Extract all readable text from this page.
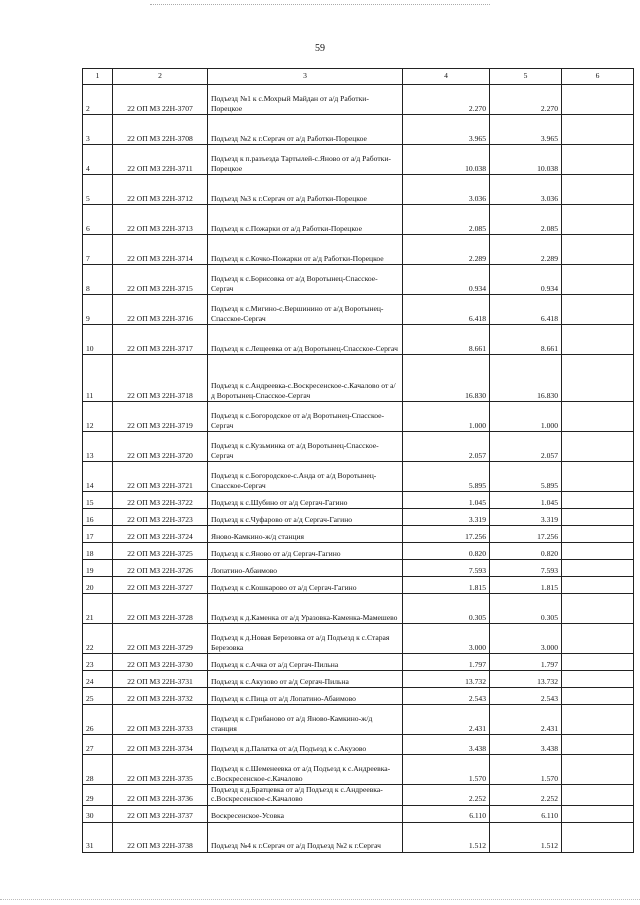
59
1	2	3	4	5	6
2	22 ОП МЗ 22Н-3707	Подъезд №1 к с.Мохрый Майдан от а/д Работки-Порецкое	2.270	2.270	
3	22 ОП МЗ 22Н-3708	Подъезд №2 к г.Сергач от а/д Работки-Порецкое	3.965	3.965	
4	22 ОП МЗ 22Н-3711	Подъезд к п.разъезда Тартылей-с.Яново от а/д Работки-Порецкое	10.038	10.038	
5	22 ОП МЗ 22Н-3712	Подъезд №3 к г.Сергач от а/д Работки-Порецкое	3.036	3.036	
6	22 ОП МЗ 22Н-3713	Подъезд к с.Пожарки от а/д Работки-Порецкое	2.085	2.085	
7	22 ОП МЗ 22Н-3714	Подъезд к с.Кочко-Пожарки от а/д Работки-Порецкое	2.289	2.289	
8	22 ОП МЗ 22Н-3715	Подъезд к с.Борисовка от а/д Воротынец-Спасское-Сергач	0.934	0.934	
9	22 ОП МЗ 22Н-3716	Подъезд к с.Мигино-с.Вершинино от а/д Воротынец-Спасское-Сергач	6.418	6.418	
10	22 ОП МЗ 22Н-3717	Подъезд к с.Лещеевка от а/д Воротынец-Спасское-Сергач	8.661	8.661	
11	22 ОП МЗ 22Н-3718	Подъезд к с.Андреевка-с.Воскресенское-с.Качалово от а/д Воротынец-Спасское-Сергач	16.830	16.830	
12	22 ОП МЗ 22Н-3719	Подъезд к с.Богородское от а/д Воротынец-Спасское-Сергач	1.000	1.000	
13	22 ОП МЗ 22Н-3720	Подъезд к с.Кузьминка от а/д Воротынец-Спасское-Сергач	2.057	2.057	
14	22 ОП МЗ 22Н-3721	Подъезд к с.Богородское-с.Анда от а/д Воротынец-Спасское-Сергач	5.895	5.895	
15	22 ОП МЗ 22Н-3722	Подъезд к с.Шубино от а/д Сергач-Гагино	1.045	1.045	
16	22 ОП МЗ 22Н-3723	Подъезд к с.Чуфарово от а/д Сергач-Гагино	3.319	3.319	
17	22 ОП МЗ 22Н-3724	Яново-Камкино-ж/д станция	17.256	17.256	
18	22 ОП МЗ 22Н-3725	Подъезд к с.Яново от а/д Сергач-Гагино	0.820	0.820	
19	22 ОП МЗ 22Н-3726	Лопатино-Абаимово	7.593	7.593	
20	22 ОП МЗ 22Н-3727	Подъезд к с.Кошкарово от а/д Сергач-Гагино	1.815	1.815	
21	22 ОП МЗ 22Н-3728	Подъезд к д.Каменка от а/д Уразовка-Каменка-Мамешево	0.305	0.305	
22	22 ОП МЗ 22Н-3729	Подъезд к д.Новая Березовка от а/д Подъезд к с.Старая Березовка	3.000	3.000	
23	22 ОП МЗ 22Н-3730	Подъезд к с.Ачка от а/д Сергач-Пильна	1.797	1.797	
24	22 ОП МЗ 22Н-3731	Подъезд к с.Акузово от а/д Сергач-Пильна	13.732	13.732	
25	22 ОП МЗ 22Н-3732	Подъезд к с.Пица от а/д Лопатино-Абаимово	2.543	2.543	
26	22 ОП МЗ 22Н-3733	Подъезд к с.Грибаново от а/д Яново-Камкино-ж/д станция	2.431	2.431	
27	22 ОП МЗ 22Н-3734	Подъезд к д.Палатка от а/д Подъезд к с.Акузово	3.438	3.438	
28	22 ОП МЗ 22Н-3735	Подъезд к с.Шеменеевка от а/д Подъезд к с.Андреевка-с.Воскресенское-с.Качалово	1.570	1.570	
29	22 ОП МЗ 22Н-3736	Подъезд к д.Братцевка от а/д Подъезд к с.Андреевка-с.Воскресенское-с.Качалово	2.252	2.252	
30	22 ОП МЗ 22Н-3737	Воскресенское-Усовка	6.110	6.110	
31	22 ОП МЗ 22Н-3738	Подъезд №4 к г.Сергач от а/д Подъезд №2 к г.Сергач	1.512	1.512	
